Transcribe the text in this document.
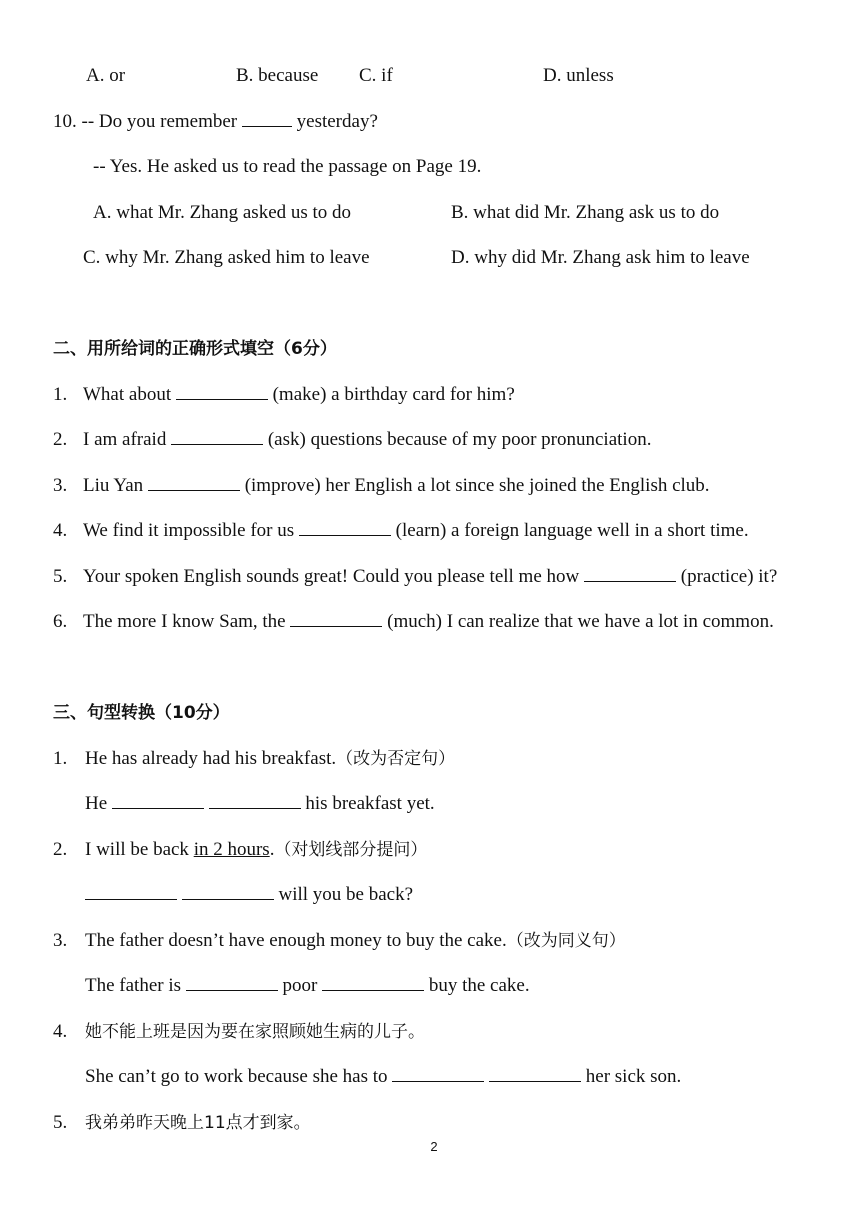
A. or	B. because C. if	D. unless
10. -- Do you remember	yesterday?
-- Yes. He asked us to read the passage on Page 19.
A. what Mr. Zhang asked us to do	B. what did Mr. Zhang ask us to do
C. why Mr. Zhang asked him to leave	D. why did Mr. Zhang ask him to leave
二、用所给词的正确形式填空（6分）
1. What about	(make) a birthday card for him?
2. I am afraid	(ask) questions because of my poor pronunciation.
3. Liu Yan	(improve) her English a lot since she joined the English club.
4. We find it impossible for us	(learn) a foreign language well in a short time.
5. Your spoken English sounds great! Could you please tell me how	(practice) it?
6. The more I know Sam, the	(much) I can realize that we have a lot in common.
三、句型转换（10分）
1. He has already had his breakfast.（改为否定句）
He	his breakfast yet.
2. I will be back in 2 hours.（对划线部分提问）
will you be back?
3. The father doesn’t have enough money to buy the cake.（改为同义句）
The father is	poor	buy the cake.
4. 她不能上班是因为要在家照顾她生病的儿子。
She can’t go to work because she has to	her sick son.
5. 我弟弟昨天晚上11点才到家。
2
